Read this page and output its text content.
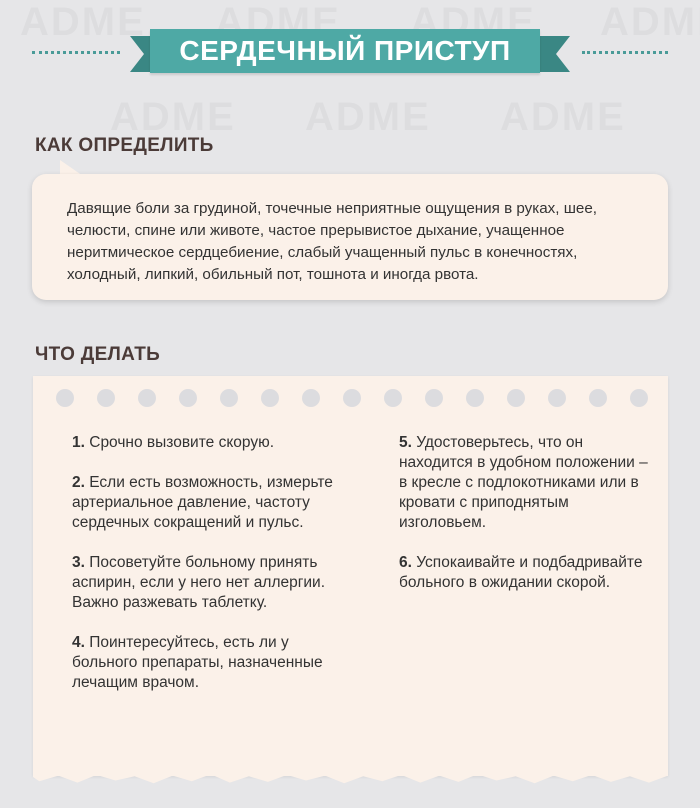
СЕРДЕЧНЫЙ ПРИСТУП
КАК ОПРЕДЕЛИТЬ
Давящие боли за грудиной, точечные неприятные ощущения в руках, шее, челюсти, спине или животе, частое прерывистое дыхание, учащенное неритмическое сердцебиение, слабый учащенный пульс в конечностях, холодный, липкий, обильный пот, тошнота и иногда рвота.
ЧТО ДЕЛАТЬ
1. Срочно вызовите скорую.
2. Если есть возможность, измерьте артериальное давление, частоту сердечных сокращений и пульс.
3. Посоветуйте больному принять аспирин, если у него нет аллергии. Важно разжевать таблетку.
4. Поинтересуйтесь, есть ли у больного препараты, назначенные лечащим врачом.
5. Удостоверьтесь, что он находится в удобном положении – в кресле с подлокотниками или в кровати с приподнятым изголовьем.
6. Успокаивайте и подбадривайте больного в ожидании скорой.
